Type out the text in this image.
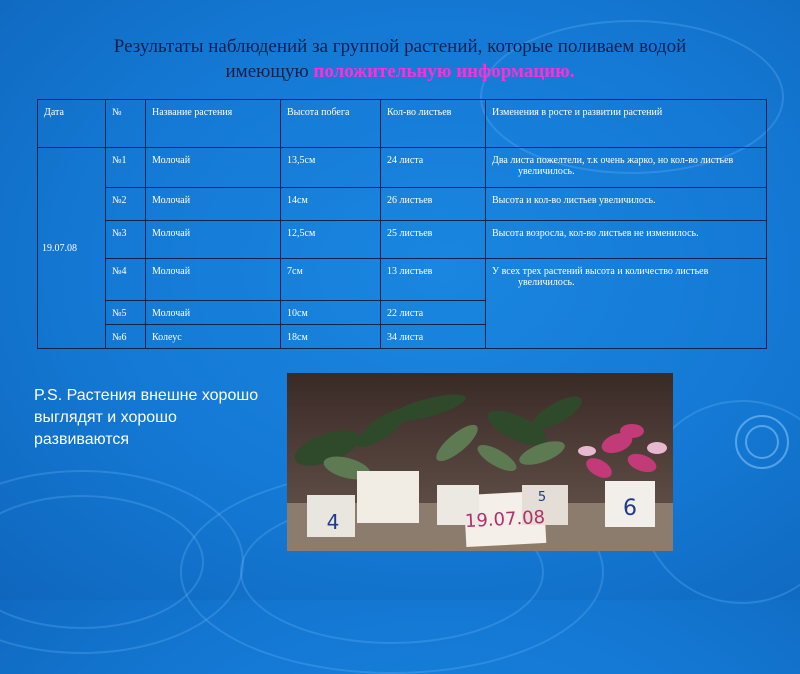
Результаты наблюдений за группой растений, которые поливаем водой
имеющую положительную информацию.
Дата	№	Название растения	Высота побега	Кол-во листьев	Изменения в росте и развитии растений
19.07.08	№1	Молочай	13,5см	24 листа	Два листа пожелтели, т.к очень жарко, но кол-во листьев увеличилось.

	№2	Молочай	14см	26 листьев	Высота и кол-во листьев увеличилось.

	№3	Молочай	12,5см	25 листьев	Высота возросла, кол-во листьев не изменилось.

	№4	Молочай	7см	13 листьев	У всех трех растений высота и количество листьев увеличилось.

	№5	Молочай	10см	22 листа	
	№6	Колеус	18см	34 листа	
P.S. Растения внешне хорошо выглядят и хорошо развиваются
4
5
19.07.08	6
